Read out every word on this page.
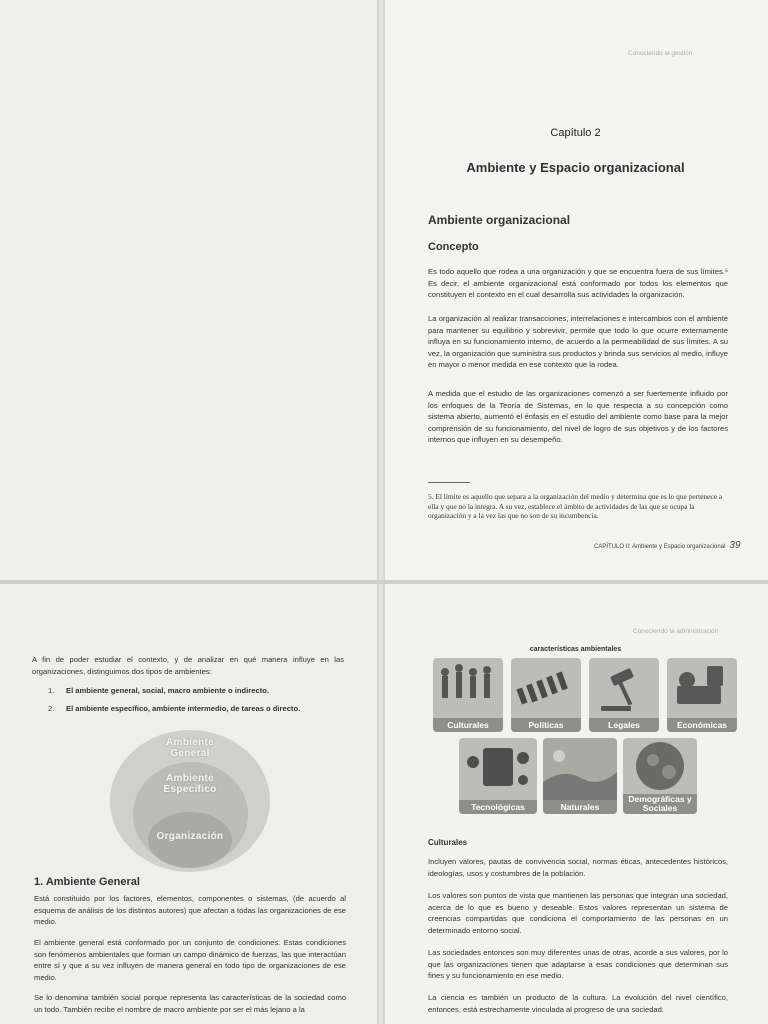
Conociendo la gestión
Capítulo 2
Ambiente y Espacio organizacional
Ambiente organizacional
Concepto
Es todo aquello que rodea a una organización y que se encuentra fuera de sus límites.⁵ Es decir, el ambiente organizacional está conformado por todos los elementos que constituyen el contexto en el cual desarrolla sus actividades la organización.
La organización al realizar transacciones, interrelaciones e intercambios con el ambiente para mantener su equilibrio y sobrevivir, permite que todo lo que ocurre externamente influya en su funcionamiento interno, de acuerdo a la permeabilidad de sus límites. A su vez, la organización que suministra sus productos y brinda sus servicios al medio, influye en mayor o menor medida en ese contexto que la rodea.
A medida que el estudio de las organizaciones comenzó a ser fuertemente influido por los enfoques de la Teoría de Sistemas, en lo que respecta a su concepción como sistema abierto, aumentó el énfasis en el estudio del ambiente como base para la mejor comprensión de su funcionamiento, del nivel de logro de sus objetivos y de los factores internos que influyen en su desempeño.
5. El límite es aquello que separa a la organización del medio y determina que es lo que pertenece a ella y que no la integra. A su vez, establece el ámbito de actividades de las que se ocupa la organización y a la vez las que no son de su incumbencia.
CAPÍTULO II: Ambiente y Espacio organizacional 39
A fin de poder estudiar el contexto, y de analizar en qué manera influye en las organizaciones, distinguimos dos tipos de ambientes:
1. El ambiente general, social, macro ambiente o indirecto.
2. El ambiente específico, ambiente intermedio, de tareas o directo.
Ambiente
General
Ambiente
Específico
Organización
1. Ambiente General
Está constituido por los factores, elementos, componentes o sistemas, (de acuerdo al esquema de análisis de los distintos autores) que afectan a todas las organizaciones de ese medio.
El ambiente general está conformado por un conjunto de condiciones. Estas condiciones son fenómenos ambientales que forman un campo dinámico de fuerzas, las que interactúan entre sí y que a su vez influyen de manera general en todo tipo de organizaciones de ese medio.
Se lo denomina también social porque representa las características de la sociedad como un todo. También recibe el nombre de macro ambiente por ser el más lejano a la
Conociendo la administración
características ambientales
Culturales	Políticas	Legales	Económicas
Tecnológicas	Naturales
Demográficas y Sociales
Culturales
Incluyen valores, pautas de convivencia social, normas éticas, antecedentes históricos, ideologías, usos y costumbres de la población.
Los valores son puntos de vista que mantienen las personas que integran una sociedad, acerca de lo que es bueno y deseable. Estos valores representan un sistema de creencias compartidas que condiciona el comportamiento de las personas en un determinado entorno social.
Las sociedades entonces son muy diferentes unas de otras, acorde a sus valores, por lo que las organizaciones tienen que adaptarse a esas condiciones que determinan sus fines y su funcionamiento en ese medio.
La ciencia es también un producto de la cultura. La evolución del nivel científico, entonces, está estrechamente vinculada al progreso de una sociedad.
